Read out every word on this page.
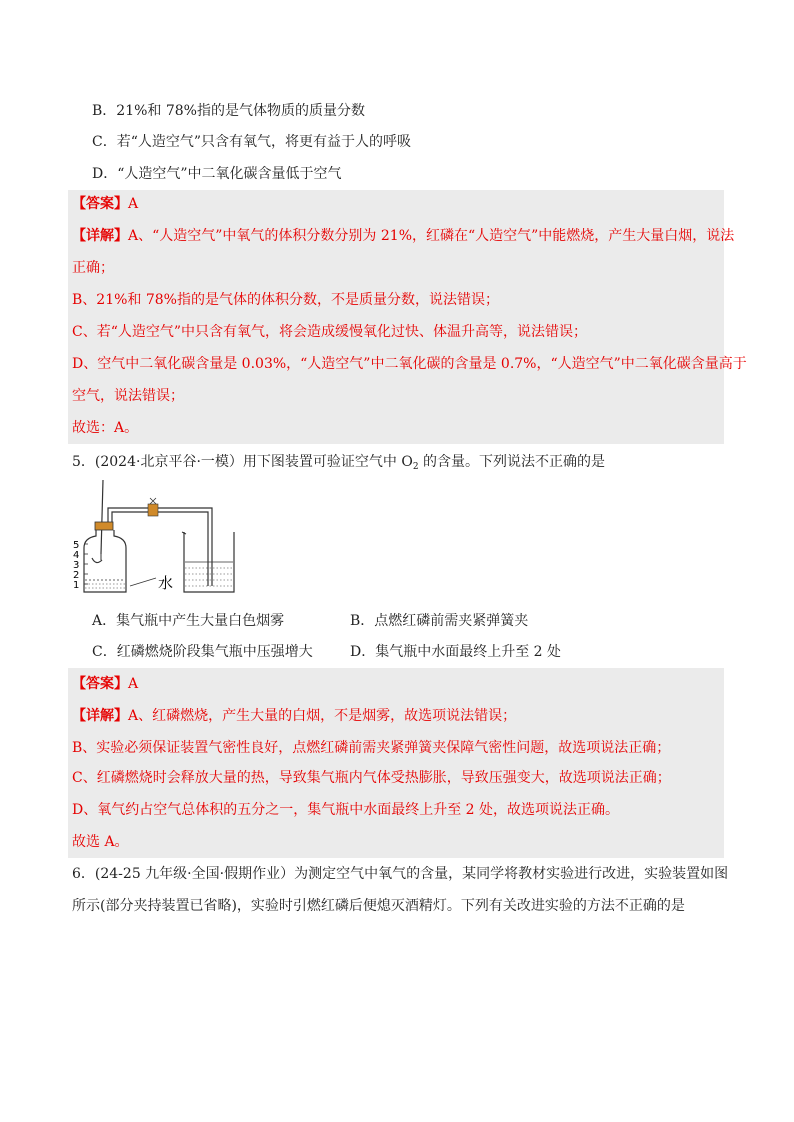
B．21%和 78%指的是气体物质的质量分数
C．若“人造空气”只含有氧气，将更有益于人的呼吸
D．“人造空气”中二氧化碳含量低于空气
【答案】A
【详解】A、“人造空气”中氧气的体积分数分别为 21%，红磷在“人造空气”中能燃烧，产生大量白烟，说法
正确；
B、21%和 78%指的是气体的体积分数，不是质量分数，说法错误；
C、若“人造空气”中只含有氧气，将会造成缓慢氧化过快、体温升高等，说法错误；
D、空气中二氧化碳含量是 0.03%，“人造空气”中二氧化碳的含量是 0.7%，“人造空气”中二氧化碳含量高于
空气，说法错误；
故选：A。
5．(2024·北京平谷·一模）用下图装置可验证空气中 $O_2$ 的含量。下列说法不正确的是
5
4
3
2
1	水
A．集气瓶中产生大量白色烟雾	B．点燃红磷前需夹紧弹簧夹
C．红磷燃烧阶段集气瓶中压强增大	D．集气瓶中水面最终上升至 2 处
【答案】A
【详解】A、红磷燃烧，产生大量的白烟，不是烟雾，故选项说法错误；
B、实验必须保证装置气密性良好，点燃红磷前需夹紧弹簧夹保障气密性问题，故选项说法正确；
C、红磷燃烧时会释放大量的热，导致集气瓶内气体受热膨胀，导致压强变大，故选项说法正确；
D、氧气约占空气总体积的五分之一，集气瓶中水面最终上升至 2 处，故选项说法正确。
故选 A。
6．(24-25 九年级·全国·假期作业）为测定空气中氧气的含量，某同学将教材实验进行改进，实验装置如图
所示(部分夹持装置已省略)，实验时引燃红磷后便熄灭酒精灯。下列有关改进实验的方法不正确的是
